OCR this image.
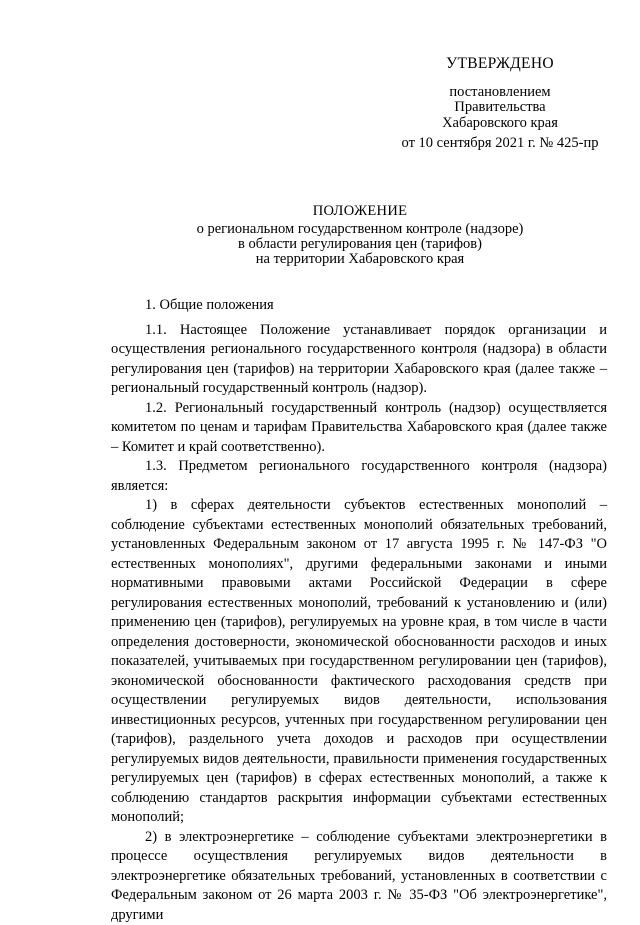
УТВЕРЖДЕНО
постановлением
Правительства
Хабаровского края
от 10 сентября 2021 г. № 425-пр
ПОЛОЖЕНИЕ
о региональном государственном контроле (надзоре)
в области регулирования цен (тарифов)
на территории Хабаровского края

1. Общие положения

1.1. Настоящее Положение устанавливает порядок организации и осуществления регионального государственного контроля (надзора) в области регулирования цен (тарифов) на территории Хабаровского края (далее также – региональный государственный контроль (надзор).

1.2. Региональный государственный контроль (надзор) осуществляется комитетом по ценам и тарифам Правительства Хабаровского края (далее также – Комитет и край соответственно).

1.3. Предметом регионального государственного контроля (надзора) является:

1) в сферах деятельности субъектов естественных монополий – соблюдение субъектами естественных монополий обязательных требований, установленных Федеральным законом от 17 августа 1995 г. № 147-ФЗ "О естественных монополиях", другими федеральными законами и иными нормативными правовыми актами Российской Федерации в сфере регулирования естественных монополий, требований к установлению и (или) применению цен (тарифов), регулируемых на уровне края, в том числе в части определения достоверности, экономической обоснованности расходов и иных показателей, учитываемых при государственном регулировании цен (тарифов), экономической обоснованности фактического расходования средств при осуществлении регулируемых видов деятельности, использования инвестиционных ресурсов, учтенных при государственном регулировании цен (тарифов), раздельного учета доходов и расходов при осуществлении регулируемых видов деятельности, правильности применения государственных регулируемых цен (тарифов) в сферах естественных монополий, а также к соблюдению стандартов раскрытия информации субъектами естественных монополий;

2) в электроэнергетике – соблюдение субъектами электроэнергетики в процессе осуществления регулируемых видов деятельности в электроэнергетике обязательных требований, установленных в соответствии с Федеральным законом от 26 марта 2003 г. № 35-ФЗ "Об электроэнергетике", другими
